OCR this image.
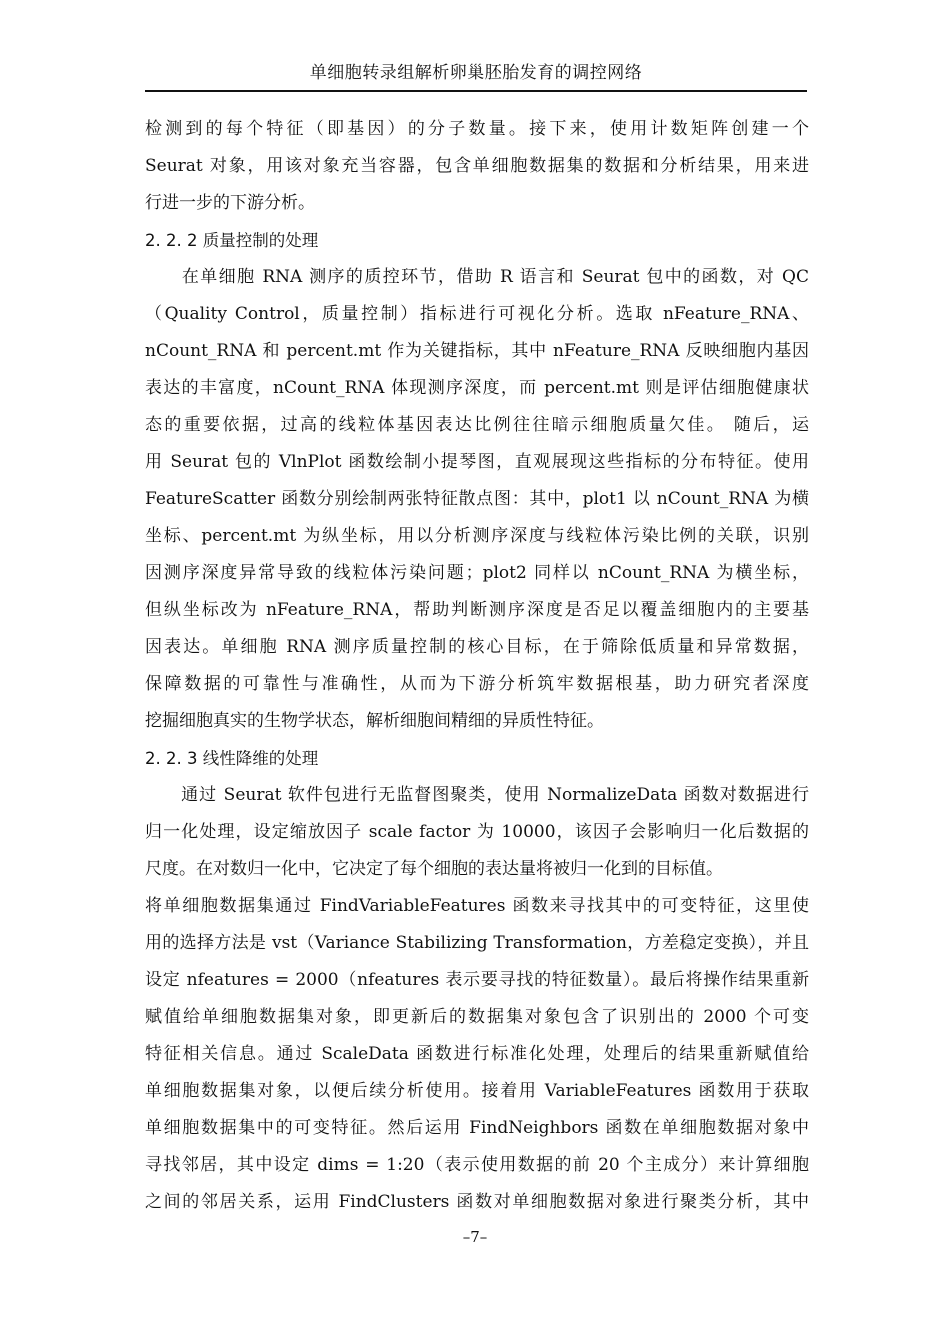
单细胞转录组解析卵巢胚胎发育的调控网络
检测到的每个特征（即基因）的分子数量。接下来，使用计数矩阵创建一个
Seurat 对象，用该对象充当容器，包含单细胞数据集的数据和分析结果，用来进
行进一步的下游分析。
2. 2. 2 质量控制的处理
　　在单细胞 RNA 测序的质控环节，借助 R 语言和 Seurat 包中的函数，对 QC
（Quality Control，质量控制）指标进行可视化分析。选取 nFeature_RNA、
nCount_RNA 和 percent.mt 作为关键指标，其中 nFeature_RNA 反映细胞内基因
表达的丰富度，nCount_RNA 体现测序深度，而 percent.mt 则是评估细胞健康状
态的重要依据，过高的线粒体基因表达比例往往暗示细胞质量欠佳。 随后，运
用 Seurat 包的 VlnPlot 函数绘制小提琴图，直观展现这些指标的分布特征。使用
FeatureScatter 函数分别绘制两张特征散点图：其中，plot1 以 nCount_RNA 为横
坐标、percent.mt 为纵坐标，用以分析测序深度与线粒体污染比例的关联，识别
因测序深度异常导致的线粒体污染问题；plot2 同样以 nCount_RNA 为横坐标，
但纵坐标改为 nFeature_RNA，帮助判断测序深度是否足以覆盖细胞内的主要基
因表达。单细胞 RNA 测序质量控制的核心目标，在于筛除低质量和异常数据，
保障数据的可靠性与准确性，从而为下游分析筑牢数据根基，助力研究者深度
挖掘细胞真实的生物学状态，解析细胞间精细的异质性特征。
2. 2. 3 线性降维的处理
　　通过 Seurat 软件包进行无监督图聚类，使用 NormalizeData 函数对数据进行
归一化处理，设定缩放因子 scale factor 为 10000，该因子会影响归一化后数据的
尺度。在对数归一化中，它决定了每个细胞的表达量将被归一化到的目标值。
将单细胞数据集通过 FindVariableFeatures 函数来寻找其中的可变特征，这里使
用的选择方法是 vst（Variance Stabilizing Transformation，方差稳定变换），并且
设定 nfeatures = 2000（nfeatures 表示要寻找的特征数量）。最后将操作结果重新
赋值给单细胞数据集对象，即更新后的数据集对象包含了识别出的 2000 个可变
特征相关信息。通过 ScaleData 函数进行标准化处理，处理后的结果重新赋值给
单细胞数据集对象，以便后续分析使用。接着用 VariableFeatures 函数用于获取
单细胞数据集中的可变特征。然后运用 FindNeighbors 函数在单细胞数据对象中
寻找邻居，其中设定 dims = 1:20（表示使用数据的前 20 个主成分）来计算细胞
之间的邻居关系，运用 FindClusters 函数对单细胞数据对象进行聚类分析，其中
–7–
